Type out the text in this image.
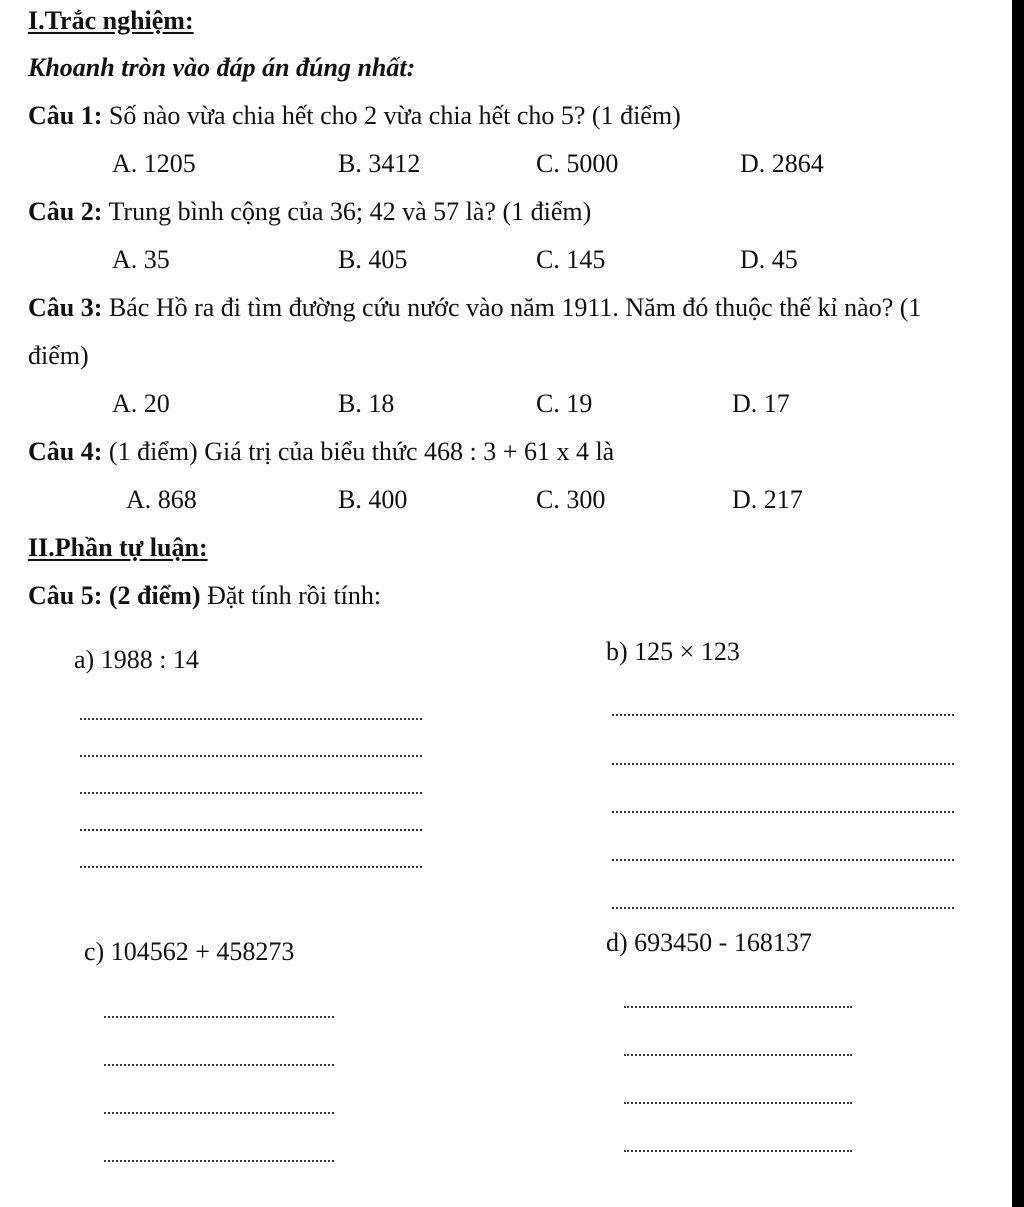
I.Trắc nghiệm:
Khoanh tròn vào đáp án đúng nhất:
Câu 1: Số nào vừa chia hết cho 2 vừa chia hết cho 5? (1 điểm)
A. 1205	B. 3412	C. 5000	D. 2864
Câu 2: Trung bình cộng của 36; 42 và 57 là? (1 điểm)
A. 35	B. 405	C. 145	D. 45
Câu 3: Bác Hồ ra đi tìm đường cứu nước vào năm 1911. Năm đó thuộc thế kỉ nào? (1
điểm)
A. 20	B. 18	C. 19	D. 17
Câu 4: (1 điểm) Giá trị của biểu thức 468 : 3 + 61 x 4 là
A. 868	B. 400	C. 300	D. 217
II.Phần tự luận:
Câu 5: (2 điểm) Đặt tính rồi tính:
a) 1988 : 14	b) 125 × 123
c) 104562 + 458273	d) 693450 - 168137
